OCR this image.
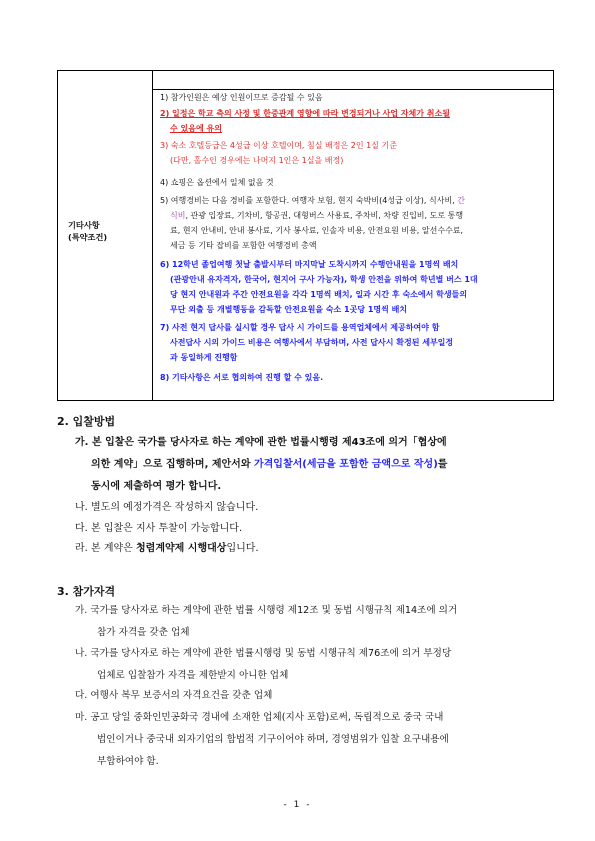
기타사항
(특약조건)
1) 참가인원은 예상 인원이므로 증감될 수 있음
2) 일정은 학교 측의 사정 및 한중관계 영향에 따라 변경되거나 사업 자체가 취소될
수 있음에 유의
3) 숙소 호텔등급은 4성급 이상 호텔이며, 침실 배정은 2인 1실 기준
(다만, 홀수인 경우에는 나머지 1인은 1실을 배정)
4) 쇼핑은 옵션에서 일체 없음 것
5) 여행경비는 다음 경비를 포함한다. 여행자 보험, 현지 숙박비(4성급 이상), 식사비, 간
식비, 관광 입장료, 기차비, 항공권, 대형버스 사용료, 주차비, 차량 진입비, 도로 통행
료, 현지 안내비, 안내 봉사료, 기사 봉사료, 인솔자 비용, 안전요원 비용, 알선수수료,
세금 등 기타 잡비를 포함한 여행경비 총액
6) 12학년 졸업여행 첫날 출발시부터 마지막날 도착시까지 수행안내원을 1명씩 배치
(관광안내 유자격자, 한국어, 현지어 구사 가능자), 학생 안전을 위하여 학년별 버스 1대
당 현지 안내원과 주간 안전요원을 각각 1명씩 배치, 일과 시간 후 숙소에서 학생들의
무단 외출 등 개별행동을 감독할 안전요원을 숙소 1곳당 1명씩 배치
7) 사전 현지 답사를 실시할 경우 답사 시 가이드를 용역업체에서 제공하여야 함
사전답사 시의 가이드 비용은 여행사에서 부담하며, 사전 답사시 확정된 세부일정
과 동일하게 진행함
8) 기타사항은 서로 협의하여 진행 할 수 있음.
2. 입찰방법
가. 본 입찰은 국가를 당사자로 하는 계약에 관한 법률시행령 제43조에 의거「협상에
의한 계약」으로 집행하며, 제안서와 가격입찰서(세금을 포함한 금액으로 작성)를
동시에 제출하여 평가 합니다.
나. 별도의 예정가격은 작성하지 않습니다.
다. 본 입찰은 지사 투찰이 가능합니다.
라. 본 계약은 청렴계약제 시행대상입니다.
3. 참가자격
가. 국가를 당사자로 하는 계약에 관한 법률 시행령 제12조 및 동법 시행규칙 제14조에 의거
참가 자격을 갖춘 업체
나. 국가를 당사자로 하는 계약에 관한 법률시행령 및 동법 시행규칙 제76조에 의거 부정당
업체로 입찰참가 자격을 제한받지 아니한 업체
다. 여행사 복무 보증서의 자격요건을 갖춘 업체
마. 공고 당일 중화인민공화국 경내에 소재한 업체(지사 포함)로써, 독립적으로 중국 국내
법인이거나 중국내 외자기업의 합법적 기구이어야 하며, 경영범위가 입찰 요구내용에
부합하여야 함.
- 1 -
